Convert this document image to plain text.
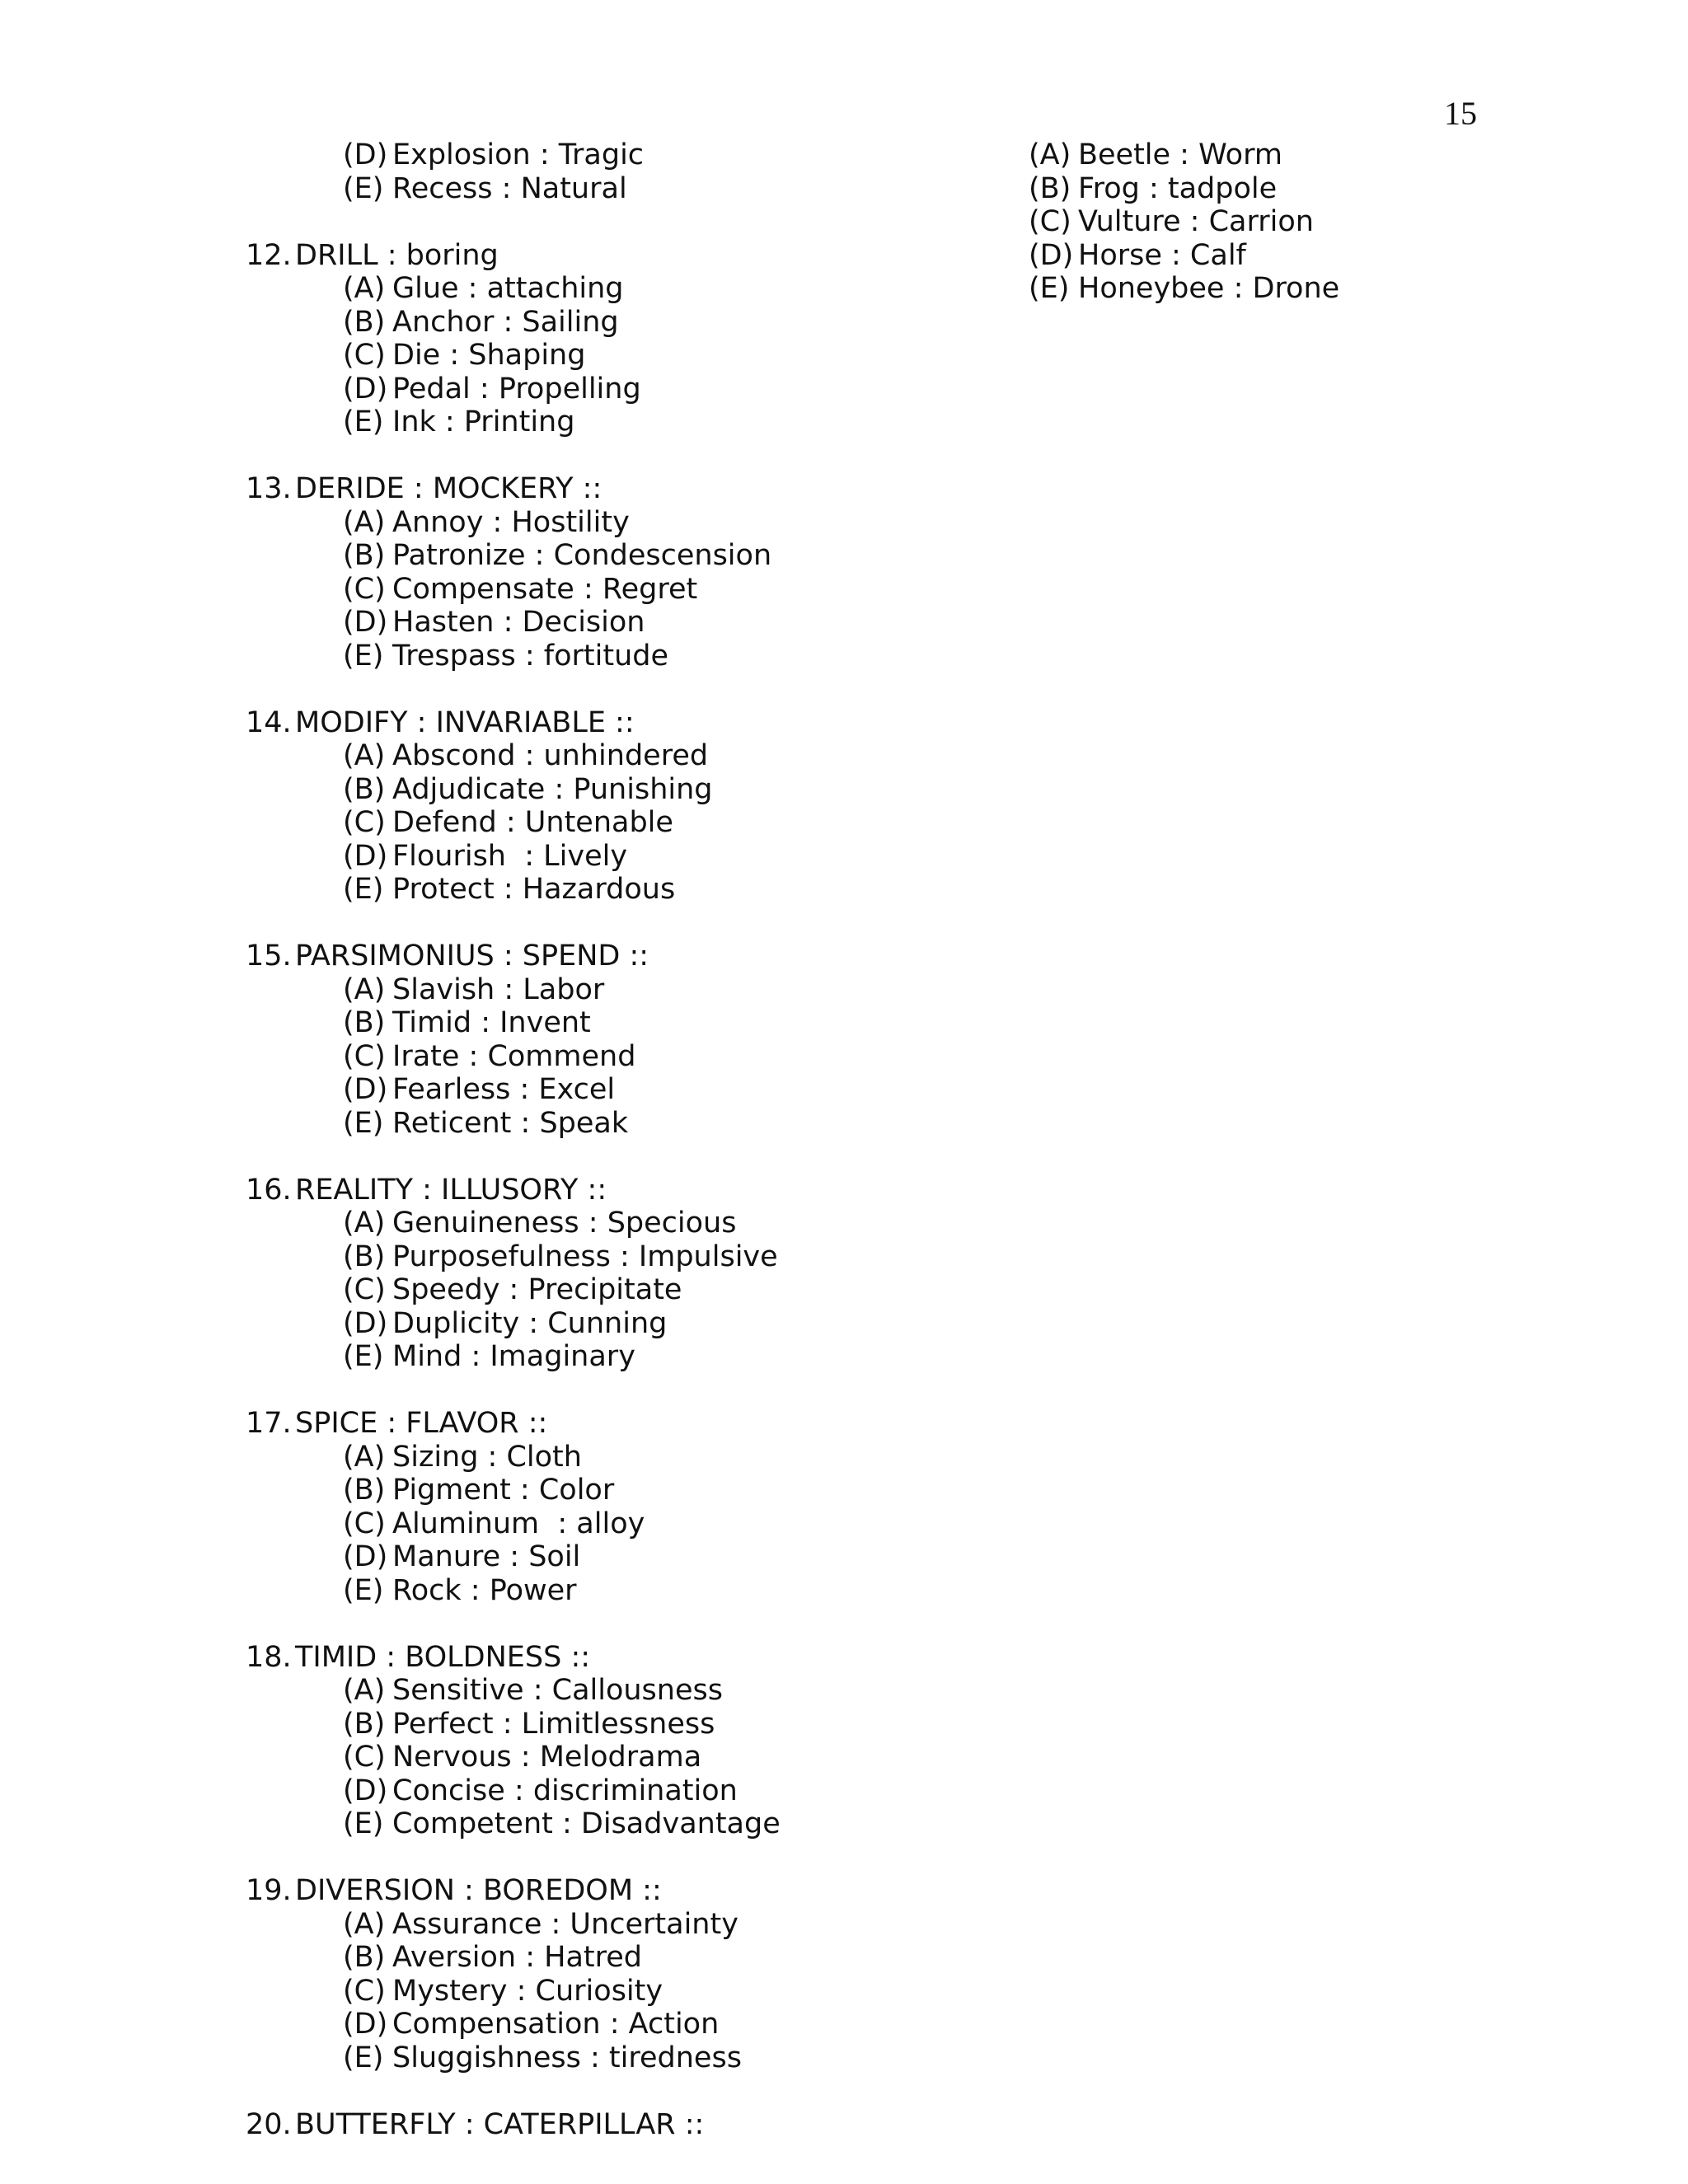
15
(D) Explosion : Tragic
(E) Recess : Natural
12. DRILL : boring
(A) Glue : attaching
(B) Anchor : Sailing
(C) Die : Shaping
(D) Pedal : Propelling
(E) Ink : Printing
13. DERIDE : MOCKERY ::
(A) Annoy : Hostility
(B) Patronize : Condescension
(C) Compensate : Regret
(D) Hasten : Decision
(E) Trespass : fortitude
14. MODIFY : INVARIABLE ::
(A) Abscond : unhindered
(B) Adjudicate : Punishing
(C) Defend : Untenable
(D) Flourish  : Lively
(E) Protect : Hazardous
15. PARSIMONIUS : SPEND ::
(A) Slavish : Labor
(B) Timid : Invent
(C) Irate : Commend
(D) Fearless : Excel
(E) Reticent : Speak
16. REALITY : ILLUSORY ::
(A) Genuineness : Specious
(B) Purposefulness : Impulsive
(C) Speedy : Precipitate
(D) Duplicity : Cunning
(E) Mind : Imaginary
17. SPICE : FLAVOR ::
(A) Sizing : Cloth
(B) Pigment : Color
(C) Aluminum  : alloy
(D) Manure : Soil
(E) Rock : Power
18. TIMID : BOLDNESS ::
(A) Sensitive : Callousness
(B) Perfect : Limitlessness
(C) Nervous : Melodrama
(D) Concise : discrimination
(E) Competent : Disadvantage
19. DIVERSION : BOREDOM ::
(A) Assurance : Uncertainty
(B) Aversion : Hatred
(C) Mystery : Curiosity
(D) Compensation : Action
(E) Sluggishness : tiredness
20. BUTTERFLY : CATERPILLAR ::
(A) Beetle : Worm
(B) Frog : tadpole
(C) Vulture : Carrion
(D) Horse : Calf
(E) Honeybee : Drone
